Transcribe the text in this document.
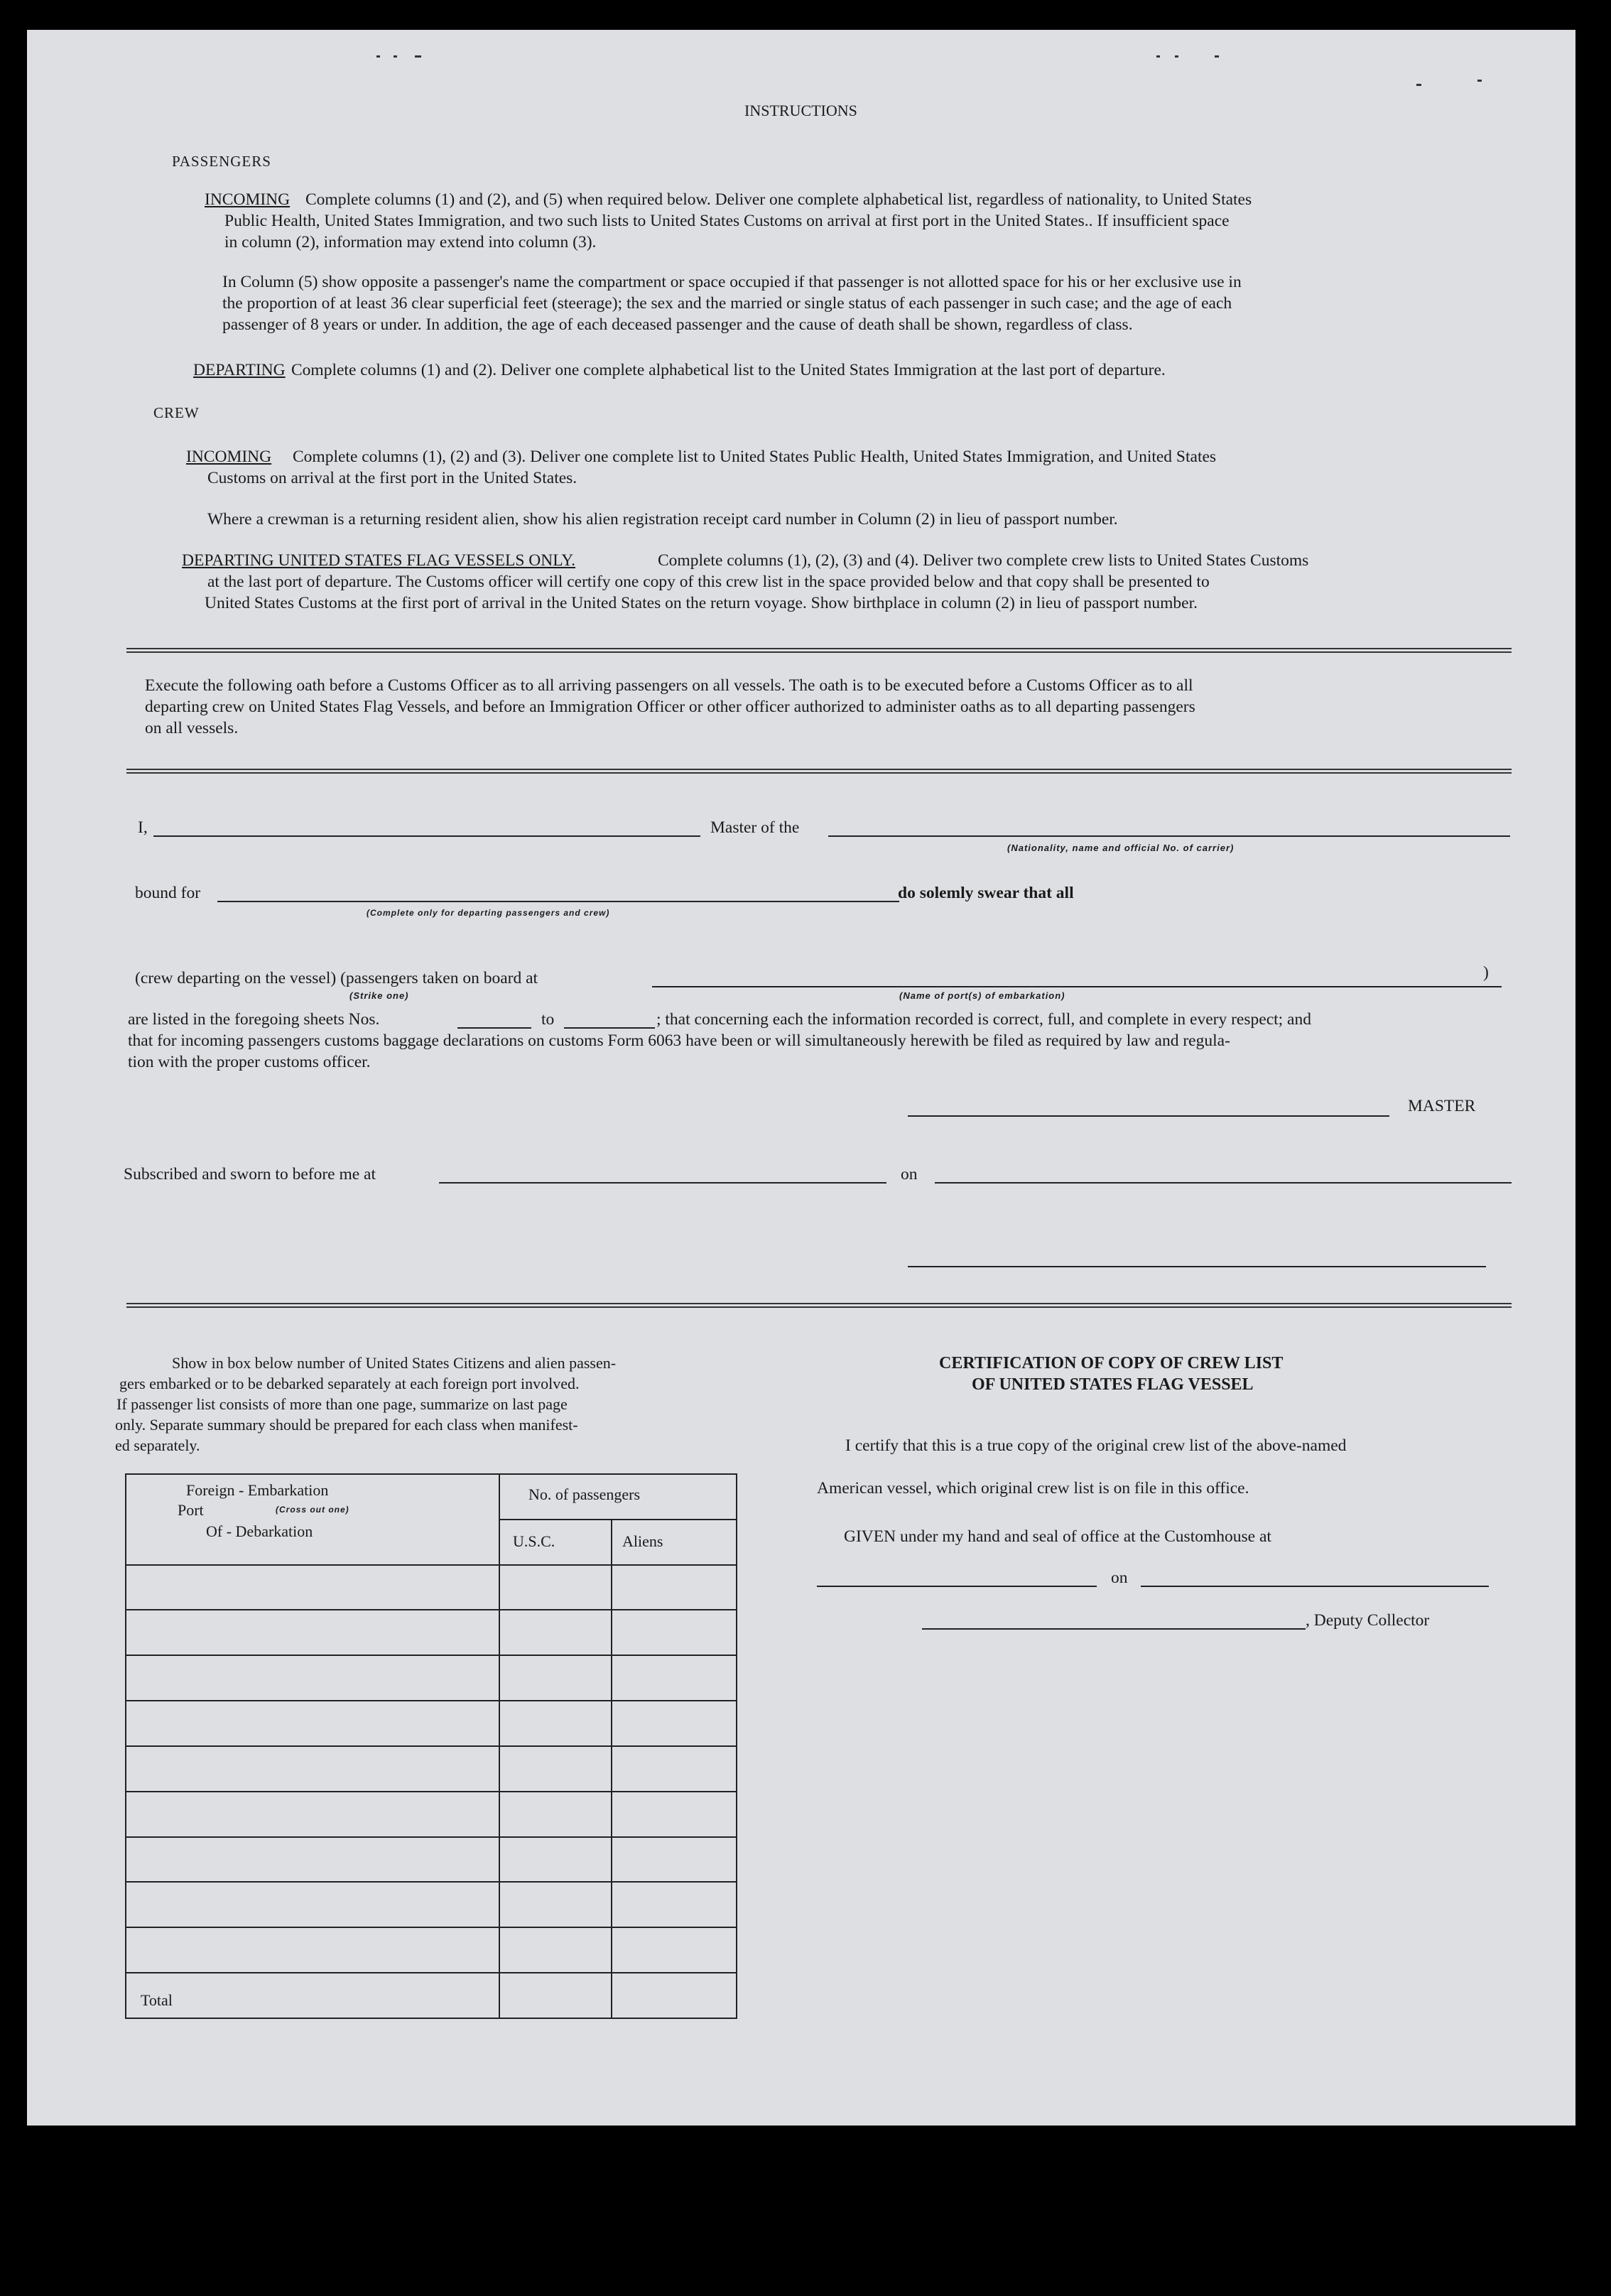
INSTRUCTIONS
PASSENGERS
INCOMING Complete columns (1) and (2), and (5) when required below. Deliver one complete alphabetical list, regardless of nationality, to United States
Public Health, United States Immigration, and two such lists to United States Customs on arrival at first port in the United States.. If insufficient space
in column (2), information may extend into column (3).
In Column (5) show opposite a passenger's name the compartment or space occupied if that passenger is not allotted space for his or her exclusive use in
the proportion of at least 36 clear superficial feet (steerage); the sex and the married or single status of each passenger in such case; and the age of each
passenger of 8 years or under. In addition, the age of each deceased passenger and the cause of death shall be shown, regardless of class.
DEPARTING Complete columns (1) and (2). Deliver one complete alphabetical list to the United States Immigration at the last port of departure.
CREW
INCOMING Complete columns (1), (2) and (3). Deliver one complete list to United States Public Health, United States Immigration, and United States
Customs on arrival at the first port in the United States.
Where a crewman is a returning resident alien, show his alien registration receipt card number in Column (2) in lieu of passport number.
DEPARTING UNITED STATES FLAG VESSELS ONLY.	Complete columns (1), (2), (3) and (4). Deliver two complete crew lists to United States Customs
at the last port of departure. The Customs officer will certify one copy of this crew list in the space provided below and that copy shall be presented to
United States Customs at the first port of arrival in the United States on the return voyage. Show birthplace in column (2) in lieu of passport number.
Execute the following oath before a Customs Officer as to all arriving passengers on all vessels. The oath is to be executed before a Customs Officer as to all
departing crew on United States Flag Vessels, and before an Immigration Officer or other officer authorized to administer oaths as to all departing passengers
on all vessels.
I,	Master of the
(Nationality, name and official No. of carrier)
bound for
(Complete only for departing passengers and crew)
do solemly swear that all
(crew departing on the vessel) (passengers taken on board at	)
(Strike one)	(Name of port(s) of embarkation)
are listed in the foregoing sheets Nos.	to	; that concerning each the information recorded is correct, full, and complete in every respect; and
that for incoming passengers customs baggage declarations on customs Form 6063 have been or will simultaneously herewith be filed as required by law and regula-
tion with the proper customs officer.
MASTER
Subscribed and sworn to before me at	on
Show in box below number of United States Citizens and alien passen-
gers embarked or to be debarked separately at each foreign port involved.
If passenger list consists of more than one page, summarize on last page
only. Separate summary should be prepared for each class when manifest-
ed separately.
Foreign - Embarkation
Port (Cross out one)
Of - Debarkation	No. of passengers	

	U.S.C.	Aliens

Total		

CERTIFICATION OF COPY OF CREW LIST
OF UNITED STATES FLAG VESSEL
I certify that this is a true copy of the original crew list of the above-named
American vessel, which original crew list is on file in this office.
GIVEN under my hand and seal of office at the Customhouse at
on
, Deputy Collector
